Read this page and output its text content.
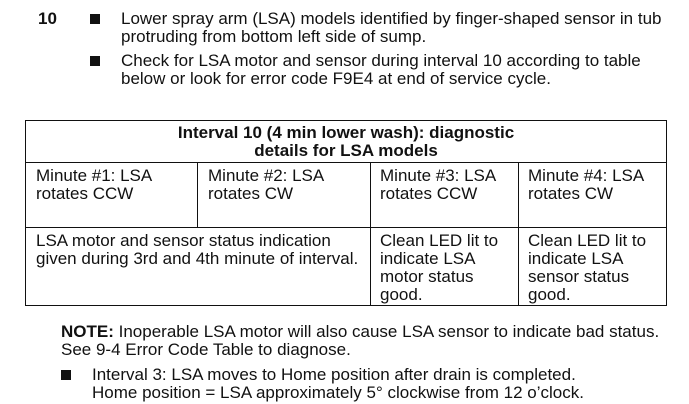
10	Lower spray arm (LSA) models identified by finger-shaped sensor in tub protruding from bottom left side of sump.
Check for LSA motor and sensor during interval 10 according to table below or look for error code F9E4 at end of service cycle.
Interval 10 (4 min lower wash): diagnostic
details for LSA models
Minute #1: LSA rotates CCW
Minute #2: LSA rotates CW
Minute #3: LSA rotates CCW
Minute #4: LSA rotates CW
LSA motor and sensor status indication given during 3rd and 4th minute of interval.
Clean LED lit to indicate LSA motor status good.
Clean LED lit to indicate LSA sensor status good.
NOTE: Inoperable LSA motor will also cause LSA sensor to indicate bad status. See 9-4 Error Code Table to diagnose.
Interval 3: LSA moves to Home position after drain is completed.
Home position = LSA approximately 5° clockwise from 12 o’clock.
